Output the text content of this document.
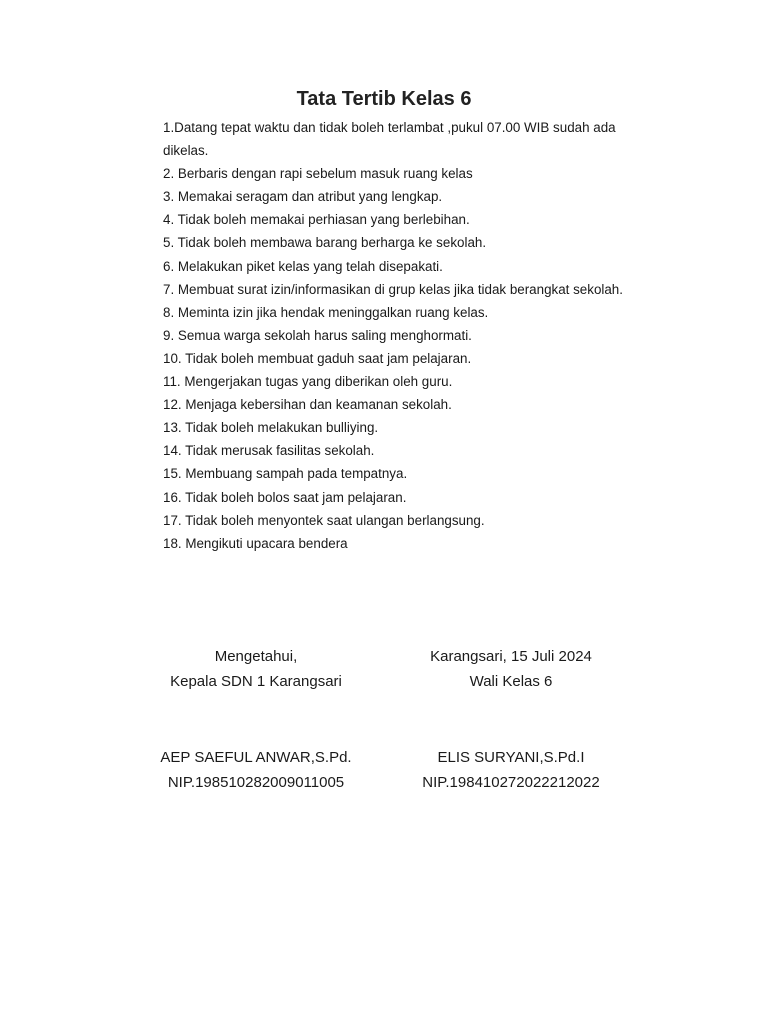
Tata Tertib Kelas 6
1.Datang tepat waktu dan tidak boleh terlambat ,pukul 07.00 WIB sudah ada dikelas.
2. Berbaris dengan rapi sebelum masuk ruang kelas
3. Memakai seragam dan atribut yang lengkap.
4. Tidak boleh memakai perhiasan yang berlebihan.
5. Tidak boleh membawa barang berharga ke sekolah.
6. Melakukan piket kelas yang telah disepakati.
7. Membuat surat izin/informasikan di grup kelas jika tidak berangkat sekolah.
8. Meminta izin jika hendak meninggalkan ruang kelas.
9. Semua warga sekolah harus saling menghormati.
10. Tidak boleh membuat gaduh saat jam pelajaran.
11. Mengerjakan tugas yang diberikan oleh guru.
12. Menjaga kebersihan dan keamanan sekolah.
13. Tidak boleh melakukan bulliying.
14. Tidak merusak fasilitas sekolah.
15. Membuang sampah pada tempatnya.
16. Tidak boleh bolos saat jam pelajaran.
17. Tidak boleh menyontek saat ulangan berlangsung.
18. Mengikuti upacara bendera
Mengetahui,
Kepala SDN 1 Karangsari
AEP SAEFUL ANWAR,S.Pd.
NIP.198510282009011005
Karangsari, 15 Juli 2024
Wali Kelas 6
ELIS SURYANI,S.Pd.I
NIP.198410272022212022
